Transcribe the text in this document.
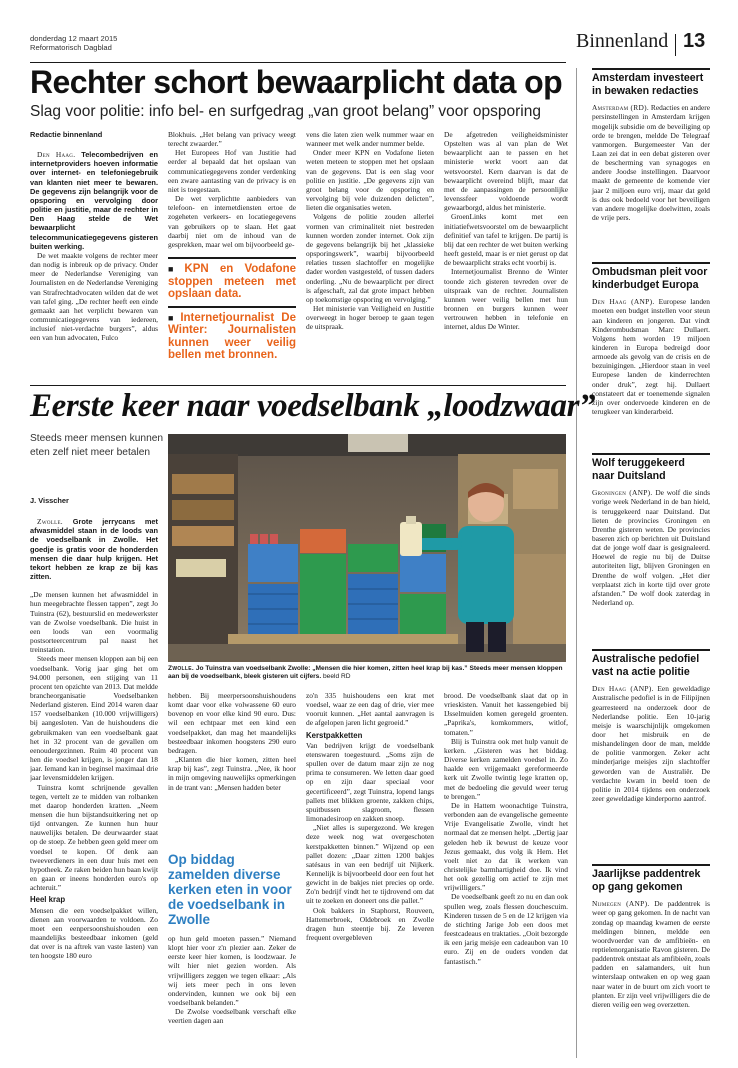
donderdag 12 maart 2015
Reformatorisch Dagblad	Binnenland 13
Rechter schort bewaarplicht data op
Slag voor politie: info bel- en surfgedrag „van groot belang” voor opsporing

Redactie binnenland

Den Haag. Telecombedrijven en internetproviders hoeven informatie over internet- en telefoniegebruik van klanten niet meer te bewaren. De gegevens zijn belangrijk voor de opsporing en vervolging door politie en justitie, maar de rechter in Den Haag stelde de Wet bewaarplicht telecommunicatiegegevens gisteren buiten werking.

De wet maakte volgens de rechter meer dan nodig is inbreuk op de privacy. Onder meer de Nederlandse Vereniging van Journalisten en de Nederlandse Vereniging van Strafrechtadvocaten wilden dat de wet van tafel ging. „De rechter heeft een einde gemaakt aan het verplicht bewaren van communicatiegegevens van iedereen, inclusief niet-verdachte burgers”, aldus een van hun advocaten, Fulco

Blokhuis. „Het belang van privacy weegt terecht zwaarder.”

Het Europees Hof van Justitie had eerder al bepaald dat het opslaan van communicatiegegevens zonder verdenking een zware aantasting van de privacy is en niet is toegestaan.

De wet verplichtte aanbieders van telefoon- en internetdiensten ertoe de zogeheten verkeers- en locatiegegevens van gebruikers op te slaan. Het gaat daarbij niet om de inhoud van de gesprekken, maar wel om bijvoorbeeld ge-

■ KPN en Vodafone stoppen meteen met opslaan data.
■ Internetjournalist De Winter: Journalisten kunnen weer veilig bellen met bronnen.

vens die laten zien welk nummer waar en wanneer met welk ander nummer belde.

Onder meer KPN en Vodafone lieten weten meteen te stoppen met het opslaan van de gegevens. Dat is een slag voor politie en justitie. „De gegevens zijn van groot belang voor de opsporing en vervolging bij vele duizenden delicten”, lieten die organisaties weten.

Volgens de politie zouden allerlei vormen van criminaliteit niet bestreden kunnen worden zonder internet. Ook zijn de gegevens belangrijk bij het „klassieke opsporingswerk”, waarbij bijvoorbeeld relaties tussen slachtoffer en mogelijke dader worden vastgesteld, of tussen daders onderling. „Nu de bewaarplicht per direct is afgeschaft, zal dat grote impact hebben op toekomstige opsporing en vervolging.”

Het ministerie van Veiligheid en Justitie overweegt in hoger beroep te gaan tegen de uitspraak.

De afgetreden veiligheidsminister Opstelten was al van plan de Wet bewaarplicht aan te passen en het ministerie werkt voort aan dat wetsvoorstel. Kern daarvan is dat de bewaarplicht overeind blijft, maar dat met de aanpassingen de persoonlijke levenssfeer voldoende wordt gewaarborgd, aldus het ministerie.

GroenLinks komt met een initiatiefwetsvoorstel om de bewaarplicht definitief van tafel te krijgen. De partij is blij dat een rechter de wet buiten werking heeft gesteld, maar is er niet gerust op dat de bewaarplicht straks echt voorbij is.

Internetjournalist Brenno de Winter toonde zich gisteren tevreden over de uitspraak van de rechter. Journalisten kunnen weer veilig bellen met hun bronnen en burgers kunnen weer vertrouwen hebben in telefonie en internet, aldus De Winter.

Eerste keer naar voedselbank „loodzwaar”
Steeds meer mensen kunnen eten zelf niet meer betalen
Zwolle. Jo Tuinstra van voedselbank Zwolle: „Mensen die hier komen, zitten heel krap bij kas.” Steeds meer mensen kloppen aan bij de voedselbank, bleek gisteren uit cijfers. beeld RD

J. Visscher

Zwolle. Grote jerrycans met afwasmiddel staan in de loods van de voedselbank in Zwolle. Het goedje is gratis voor de honderden mensen die daar hulp krijgen. Het tekort hebben ze krap ze bij kas zitten.

„De mensen kunnen het afwasmiddel in hun meegebrachte flessen tappen”, zegt Jo Tuinstra (62), bestuurslid en medewerkster van de Zwolse voedselbank. Die huist in een loods van een voormalig postsorteercentrum pal naast het treinstation.

Steeds meer mensen kloppen aan bij een voedselbank. Vorig jaar ging het om 94.000 personen, een stijging van 11 procent ten opzichte van 2013. Dat meldde brancheorganisatie Voedselbanken Nederland gisteren. Eind 2014 waren daar 157 voedselbanken (10.000 vrijwilligers) bij aangesloten. Van de huishoudens die gebruikmaken van een voedselbank gaat het in 32 procent van de gevallen om eenoudergezinnen. Ruim 40 procent van hen die voedsel krijgen, is jonger dan 18 jaar. Iemand kan in beginsel maximaal drie jaar levensmiddelen krijgen.

Tuinstra komt schrijnende gevallen tegen, vertelt ze te midden van rolbanken met daarop honderden kratten. „Neem mensen die hun bijstandsuitkering net op tijd ontvangen. Ze kunnen hun huur nauwelijks betalen. De deurwaarder staat op de stoep. Ze hebben geen geld meer om voedsel te kopen. Of denk aan tweeverdieners in een duur huis met een hypotheek. Ze raken beiden hun baan kwijt en gaan er ineens honderden euro's op achteruit.”

Heel krap

Mensen die een voedselpakket willen, dienen aan voorwaarden te voldoen. Zo moet een eenpersoonshuishouden een maandelijks besteedbaar inkomen (geld dat over is na aftrek van vaste lasten) van ten hoogste 180 euro

hebben. Bij meerpersoonshuishoudens komt daar voor elke volwassene 60 euro bovenop en voor elke kind 90 euro. Dus: wil een echtpaar met een kind een voedselpakket, dan mag het maandelijks besteedbaar inkomen hoogstens 290 euro bedragen.

„Klanten die hier komen, zitten heel krap bij kas”, zegt Tuinstra. „Nee, ik hoor in mijn omgeving nauwelijks opmerkingen in de trant van: „Mensen hadden beter

Op biddag zamelden diverse kerken eten in voor de voedselbank in Zwolle

op hun geld moeten passen.” Niemand klopt hier voor z'n plezier aan. Zeker de eerste keer hier komen, is loodzwaar. Je wilt hier niet gezien worden. Als vrijwilligers zeggen we tegen elkaar: „Als wij iets meer pech in ons leven ondervinden, kunnen we ook bij een voedselbank belanden.”

De Zwolse voedselbank verschaft elke veertien dagen aan

zo'n 335 huishoudens een krat met voedsel, waar ze een dag of drie, vier mee vooruit kunnen. „Het aantal aanvragen is de afgelopen jaren licht gegroeid.”

Kerstpakketten

Van bedrijven krijgt de voedselbank etenswaren toegestuurd. „Soms zijn de spullen over de datum maar zijn ze nog prima te consumeren. We letten daar goed op en zijn daar speciaal voor gecertificeerd”, zegt Tuinstra, lopend langs pallets met blikken groente, zakken chips, spuitbussen slagroom, flessen limonadesiroop en zakken snoep.

„Niet alles is supergezond. We kregen deze week nog wat overgeschoten kerstpakketten binnen.” Wijzend op een pallet dozen: „Daar zitten 1200 bakjes satésaus in van een bedrijf uit Nijkerk. Kennelijk is bijvoorbeeld door een fout het gewicht in de bakjes niet precies op orde. Zo'n bedrijf vindt het te tijdrovend om dat uit te zoeken en doneert ons die pallet.”

Ook bakkers in Staphorst, Rouveen, Hattemerbroek, Oldebroek en Zwolle dragen hun steentje bij. Ze leveren frequent overgebleven

brood. De voedselbank slaat dat op in vrieskisten. Vanuit het kassengebied bij IJsselmuiden komen geregeld groenten. „Paprika's, komkommers, witlof, tomaten.”

Blij is Tuinstra ook met hulp vanuit de kerken. „Gisteren was het biddag. Diverse kerken zamelden voedsel in. Zo haalde een vrijgemaakt gereformeerde kerk uit Zwolle twintig lege kratten op, met de bedoeling die gevuld weer terug te brengen.”

De in Hattem woonachtige Tuinstra, verbonden aan de evangelische gemeente Vrije Evangelisatie Zwolle, vindt het normaal dat ze mensen helpt. „Dertig jaar geleden heb ik bewust de keuze voor Jezus gemaakt, dus volg ik Hem. Het voelt niet zo dat ik werken van christelijke barmhartigheid doe. Ik vind het ook gezellig om actief te zijn met vrijwilligers.”

De voedselbank geeft zo nu en dan ook spullen weg, zoals flessen douchescuim. Kinderen tussen de 5 en de 12 krijgen via de stichting Jarige Job een doos met feestcadeaus en traktaties. „Ooit bezorgde ik een jarig meisje een cadeaubon van 10 euro. Zij en de ouders vonden dat fantastisch.”

Amsterdam investeert in bewaken redacties
Amsterdam (RD). Redacties en andere persinstellingen in Amsterdam krijgen mogelijk subsidie om de beveiliging op orde te brengen, meldde De Telegraaf vanmorgen. Burgemeester Van der Laan zei dat in een debat gisteren over de bescherming van synagoges en andere Joodse instellingen. Daarvoor maakt de gemeente de komende vier jaar 2 miljoen euro vrij, maar dat geld is dus ook bedoeld voor het beveiligen van andere mogelijke doelwitten, zoals de vrije pers.
Ombudsman pleit voor kinderbudget Europa
Den Haag (ANP). Europese landen moeten een budget instellen voor steun aan kinderen en jongeren. Dat vindt Kinderombudsman Marc Dullaert. Volgens hem worden 19 miljoen kinderen in Europa bedreigd door armoede als gevolg van de crisis en de bezuinigingen. „Hierdoor staan in veel Europese landen de kinderrechten onder druk”, zegt hij. Dullaert constateert dat er toenemende signalen zijn over ondervoede kinderen en de terugkeer van kinderarbeid.
Wolf teruggekeerd naar Duitsland
Groningen (ANP). De wolf die sinds vorige week Nederland in de ban hield, is teruggekeerd naar Duitsland. Dat lieten de provincies Groningen en Drenthe gisteren weten. De provincies baseren zich op berichten uit Duitsland dat de jonge wolf daar is gesignaleerd. Hoewel de regie nu bij de Duitse autoriteiten ligt, blijven Groningen en Drenthe de wolf volgen. „Het dier verplaatst zich in korte tijd over grote afstanden.” De wolf dook zaterdag in Nederland op.
Australische pedofiel vast na actie politie
Den Haag (ANP). Een geweldadige Australische pedofiel is in de Filipijnen gearresteerd na onderzoek door de Nederlandse politie. Een 10-jarig meisje is waarschijnlijk omgekomen door het misbruik en de mishandelingen door de man, meldde de politie vanmorgen. Zeker acht minderjarige meisjes zijn slachtoffer geworden van de Australiër. De verdachte kwam in beeld toen de politie in 2014 tijdens een onderzoek zeer geweldadige kinderporno aantrof.
Jaarlijkse paddentrek op gang gekomen
Nijmegen (ANP). De paddentrek is weer op gang gekomen. In de nacht van zondag op maandag kwamen de eerste meldingen binnen, meldde een woordvoerder van de amfibieën- en reptielenorganisatie Ravon gisteren. De paddentrek ontstaat als amfibieën, zoals padden en salamanders, uit hun winterslaap ontwaken en op weg gaan naar water in de buurt om zich voort te planten. Er zijn veel vrijwilligers die de dieren veilig een weg overzetten.
